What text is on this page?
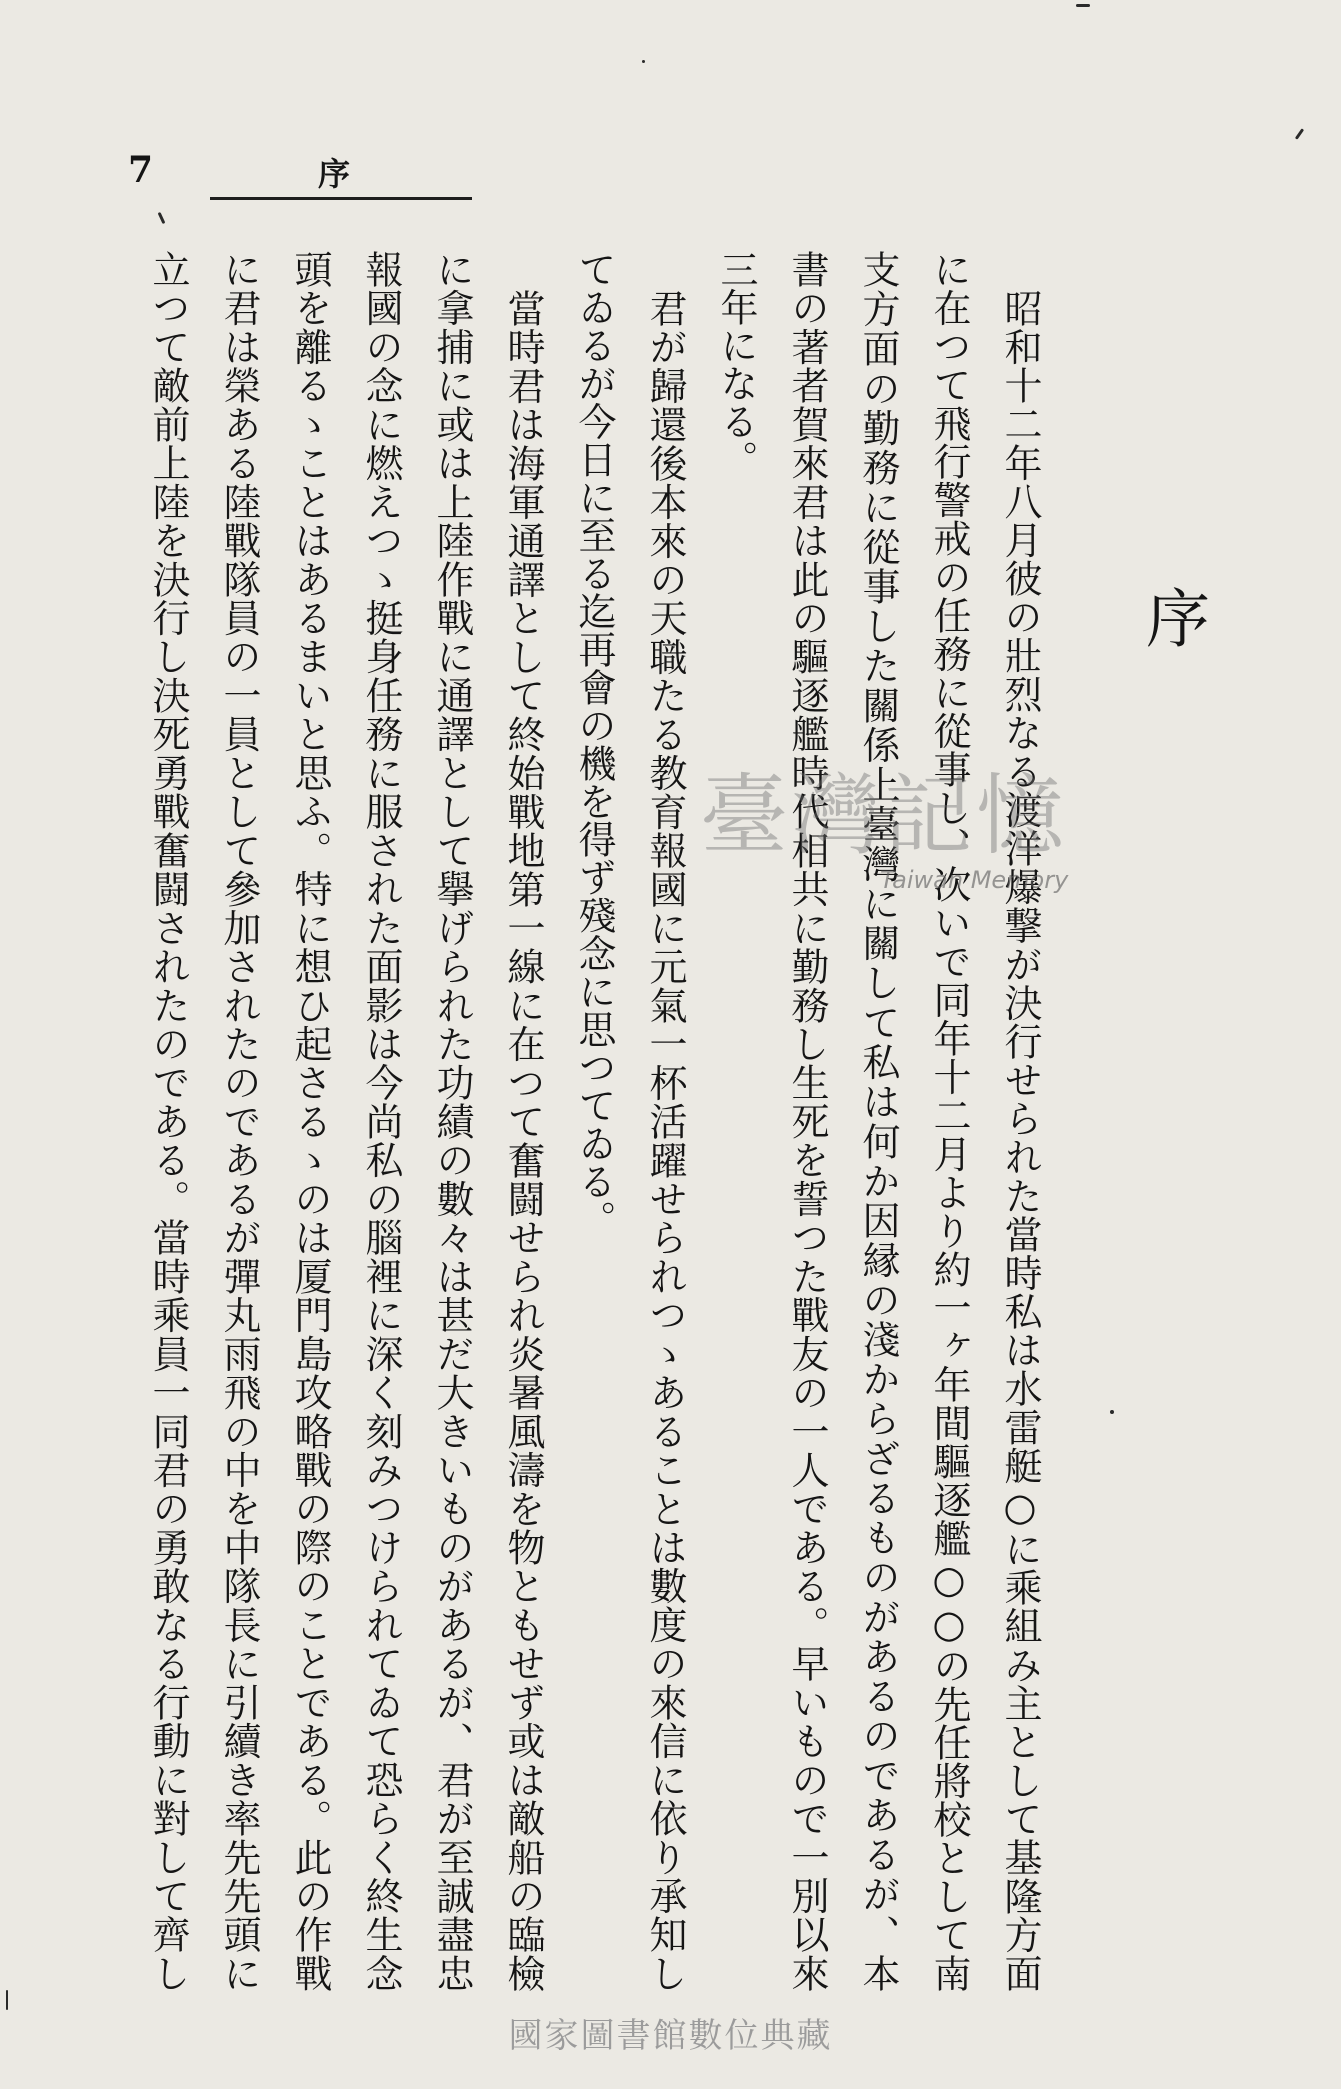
7	序
序
昭和十二年八月彼の壯烈なる渡洋爆撃が決行せられた當時私は水雷艇○に乘組み主として基隆方面
に在つて飛行警戒の任務に從事し、次いで同年十二月より約一ヶ年間驅逐艦○○の先任將校として南
支方面の勤務に從事した關係上臺灣に關して私は何か因縁の淺からざるものがあるのであるが、本
書の著者賀來君は此の驅逐艦時代相共に勤務し生死を誓つた戰友の一人である。早いもので一別以來
三年になる。
君が歸還後本來の天職たる教育報國に元氣一杯活躍せられつゝあることは數度の來信に依り承知し
てゐるが今日に至る迄再會の機を得ず殘念に思つてゐる。
當時君は海軍通譯として終始戰地第一線に在つて奮闘せられ炎暑風濤を物ともせず或は敵船の臨檢
に拿捕に或は上陸作戰に通譯として擧げられた功績の數々は甚だ大きいものがあるが、君が至誠盡忠
報國の念に燃えつゝ挺身任務に服された面影は今尚私の腦裡に深く刻みつけられてゐて恐らく終生念
頭を離るゝことはあるまいと思ふ。特に想ひ起さるゝのは厦門島攻略戰の際のことである。此の作戰
に君は榮ある陸戰隊員の一員として參加されたのであるが彈丸雨飛の中を中隊長に引續き率先先頭に
立つて敵前上陸を決行し決死勇戰奮闘されたのである。當時乘員一同君の勇敢なる行動に對して齊し	臺灣記憶
Taiwan Memory
國家圖書館數位典藏
